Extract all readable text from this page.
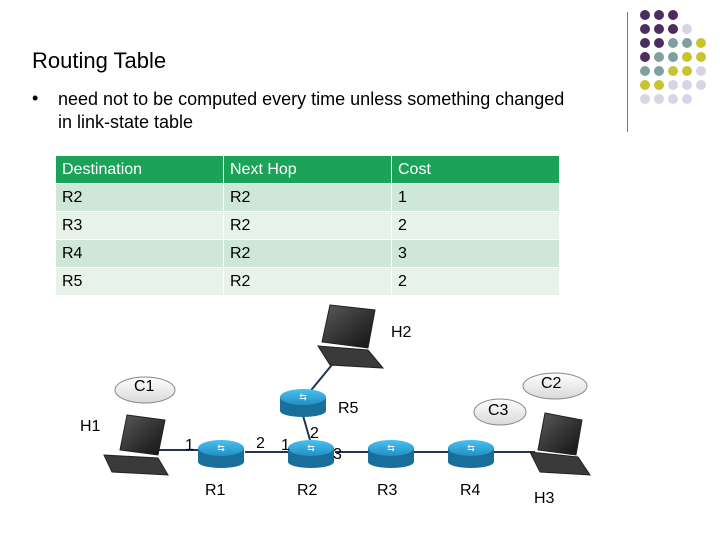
Routing Table
• need not to be computed every time unless something changed in link-state table
Destination	Next Hop	Cost
R2	R2	1
R3	R2	2
R4	R2	3
R5	R2	2
⇆	⇆	⇆	⇆
⇆
H1
H2
H3
R1	R2	R3	R4
R5
C1	C2
C3
1	2 1
2
3
